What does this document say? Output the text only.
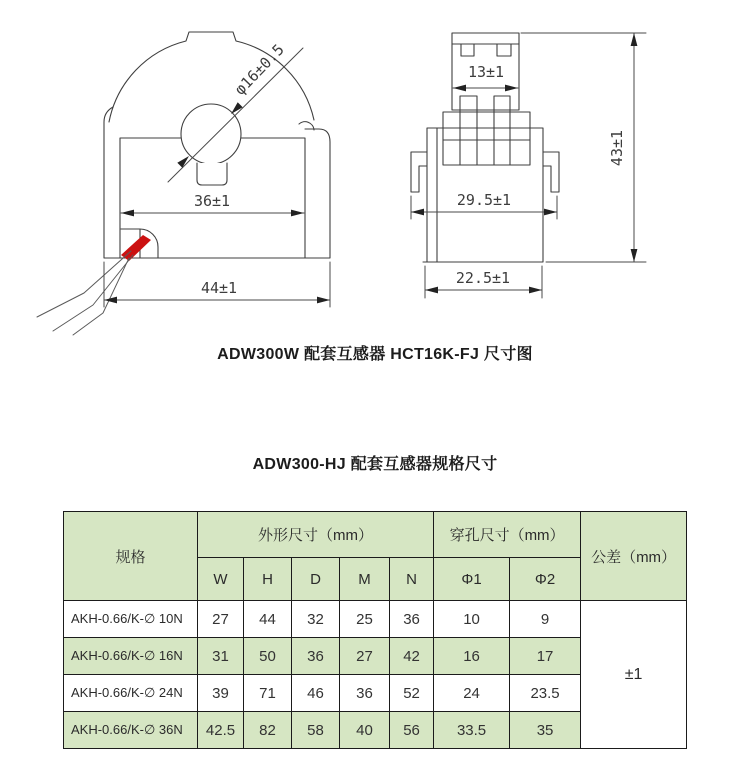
φ16±0.5
36±1
44±1
13±1
29.5±1
22.5±1
43±1
ADW300W 配套互感器 HCT16K-FJ 尺寸图
ADW300-HJ 配套互感器规格尺寸
规格	外形尺寸（mm）					穿孔尺寸（mm）		公差（mm）
	W	H	D	M	N	Φ1	Φ2	
AKH-0.66/K-∅ 10N	27	44	32	25	36	10	9	±1
AKH-0.66/K-∅ 16N	31	50	36	27	42	16	17	
AKH-0.66/K-∅ 24N	39	71	46	36	52	24	23.5	
AKH-0.66/K-∅ 36N	42.5	82	58	40	56	33.5	35	
